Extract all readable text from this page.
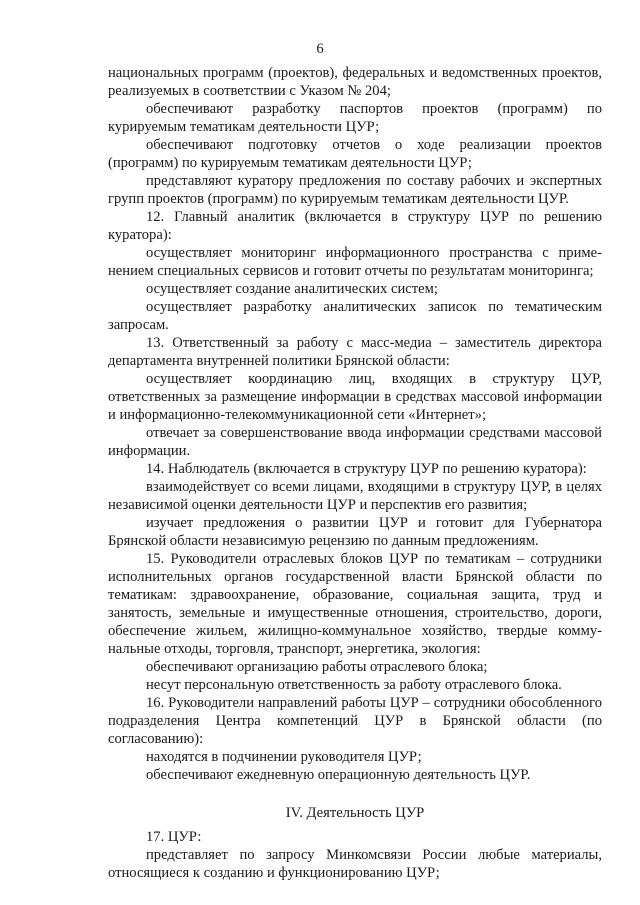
6

национальных программ (проектов), федеральных и ведомственных проектов, реализуемых в соответствии с Указом № 204;

обеспечивают разработку паспортов проектов (программ) по курируемым тематикам деятельности ЦУР;

обеспечивают подготовку отчетов о ходе реализации проектов (программ) по курируемым тематикам деятельности ЦУР;

представляют куратору предложения по составу рабочих и экспертных групп проектов (программ) по курируемым тематикам деятельности ЦУР.

12. Главный аналитик (включается в структуру ЦУР по решению куратора):

осуществляет мониторинг информационного пространства с применением специальных сервисов и готовит отчеты по результатам мониторинга;

осуществляет создание аналитических систем;

осуществляет разработку аналитических записок по тематическим запросам.

13. Ответственный за работу с масс-медиа – заместитель директора департамента внутренней политики Брянской области:

осуществляет координацию лиц, входящих в структуру ЦУР, ответственных за размещение информации в средствах массовой информации и информационно-телекоммуникационной сети «Интернет»;

отвечает за совершенствование ввода информации средствами массовой информации.

14. Наблюдатель (включается в структуру ЦУР по решению куратора):

взаимодействует со всеми лицами, входящими в структуру ЦУР, в целях независимой оценки деятельности ЦУР и перспектив его развития;

изучает предложения о развитии ЦУР и готовит для Губернатора Брянской области независимую рецензию по данным предложениям.

15. Руководители отраслевых блоков ЦУР по тематикам – сотрудники исполнительных органов государственной власти Брянской области по тематикам: здравоохранение, образование, социальная защита, труд и занятость, земельные и имущественные отношения, строительство, дороги, обеспечение жильем, жилищно-коммунальное хозяйство, твердые коммунальные отходы, торговля, транспорт, энергетика, экология:

обеспечивают организацию работы отраслевого блока;

несут персональную ответственность за работу отраслевого блока.

16. Руководители направлений работы ЦУР – сотрудники обособленного подразделения Центра компетенций ЦУР в Брянской области (по согласованию):

находятся в подчинении руководителя ЦУР;

обеспечивают ежедневную операционную деятельность ЦУР.

IV. Деятельность ЦУР

17. ЦУР:

представляет по запросу Минкомсвязи России любые материалы, относящиеся к созданию и функционированию ЦУР;
